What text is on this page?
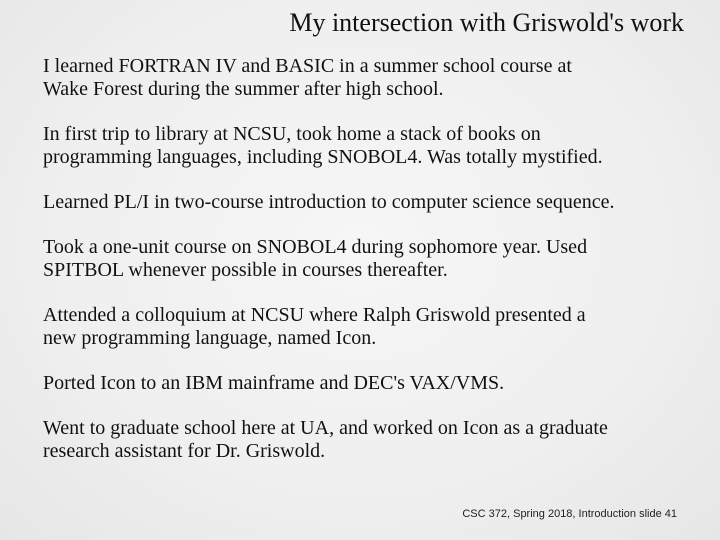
My intersection with Griswold's work
I learned FORTRAN IV and BASIC in a summer school course at
Wake Forest during the summer after high school.
In first trip to library at NCSU, took home a stack of books on
programming languages, including SNOBOL4. Was totally mystified.
Learned PL/I in two-course introduction to computer science sequence.
Took a one-unit course on SNOBOL4 during sophomore year. Used
SPITBOL whenever possible in courses thereafter.
Attended a colloquium at NCSU where Ralph Griswold presented a
new programming language, named Icon.
Ported Icon to an IBM mainframe and DEC's VAX/VMS.
Went to graduate school here at UA, and worked on Icon as a graduate
research assistant for Dr. Griswold.
CSC 372, Spring 2018, Introduction slide 41
